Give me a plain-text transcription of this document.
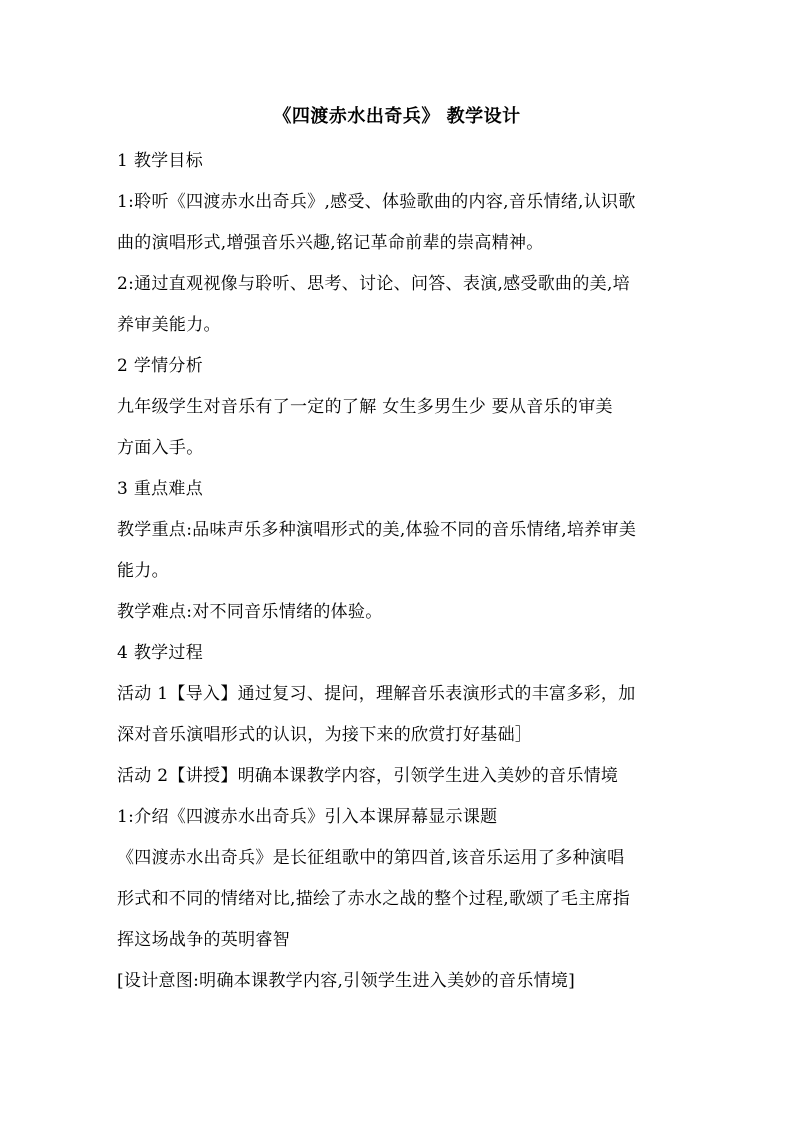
《四渡赤水出奇兵》 教学设计
1 教学目标
1:聆听《四渡赤水出奇兵》,感受、体验歌曲的内容,音乐情绪,认识歌
曲的演唱形式,增强音乐兴趣,铭记革命前辈的崇高精神。
2:通过直观视像与聆听、思考、讨论、问答、表演,感受歌曲的美,培
养审美能力。
2 学情分析
九年级学生对音乐有了一定的了解 女生多男生少 要从音乐的审美
方面入手。
3 重点难点
教学重点:品味声乐多种演唱形式的美,体验不同的音乐情绪,培养审美
能力。
教学难点:对不同音乐情绪的体验。
4 教学过程
活动 1【导入】通过复习、提问，理解音乐表演形式的丰富多彩，加
深对音乐演唱形式的认识，为接下来的欣赏打好基础］
活动 2【讲授】明确本课教学内容，引领学生进入美妙的音乐情境
1:介绍《四渡赤水出奇兵》引入本课屏幕显示课题
《四渡赤水出奇兵》是长征组歌中的第四首,该音乐运用了多种演唱
形式和不同的情绪对比,描绘了赤水之战的整个过程,歌颂了毛主席指
挥这场战争的英明睿智
[设计意图:明确本课教学内容,引领学生进入美妙的音乐情境]
